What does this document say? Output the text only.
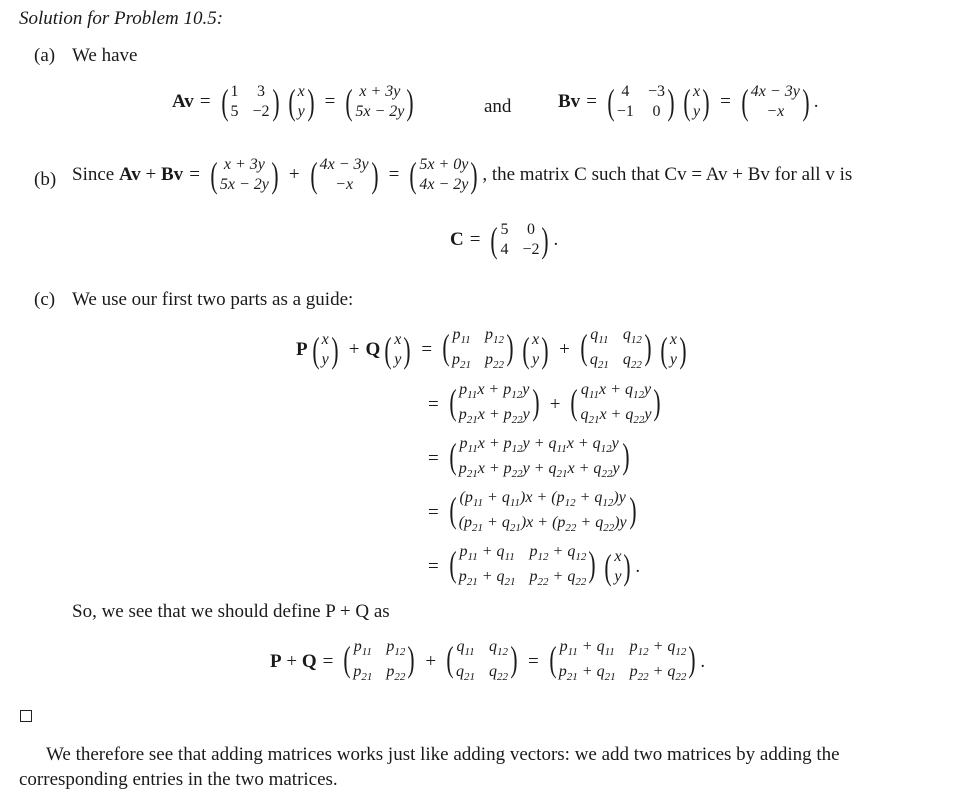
Solution for Problem 10.5:
(a) We have
Av = ( 1 3
5 −2 ) ( x
y ) = ( x + 3y
5x − 2y )	and Bv = ( 4 −3
−1 0 ) ( x
y ) = ( 4x − 3y
−x ) .
(b) Since
Av + Bv = ( x + 3y
5x − 2y ) + ( 4x − 3y
−x ) = ( 5x + 0y
4x − 2y ) , the matrix C such that Cv = Av + Bv for all v is
C = ( 5 0
4 −2 ) .
(c) We use our first two parts as a guide:
P ( x
y ) + Q ( x
y ) = ( $p_{11}$ $p_{12}$
$p_{21}$ $p_{22}$ ) ( x
y ) + ( $q_{11}$ $q_{12}$
$q_{21}$ $q_{22}$ ) ( x
y )
= ( $p_{11}x + p_{12}y$
$p_{21}x + p_{22}y$ ) + ( $q_{11}x + q_{12}y$
$q_{21}x + q_{22}y$ )
= ( $p_{11}x + p_{12}y + q_{11}x + q_{12}y$
$p_{21}x + p_{22}y + q_{21}x + q_{22}y$ )
= ( $(p_{11} + q_{11})x + (p_{12} + q_{12})y$
$(p_{21} + q_{21})x + (p_{22} + q_{22})y$ )
= ( $p_{11} + q_{11}$ $p_{12} + q_{12}$
$p_{21} + q_{21}$ $p_{22} + q_{22}$ ) ( x
y ) .
So, we see that we should define P + Q as
P + Q = ( $p_{11}$ $p_{12}$
$p_{21}$ $p_{22}$ ) + ( $q_{11}$ $q_{12}$
$q_{21}$ $q_{22}$ ) = ( $p_{11} + q_{11}$ $p_{12} + q_{12}$
$p_{21} + q_{21}$ $p_{22} + q_{22}$ ) .
We therefore see that adding matrices works just like adding vectors: we add two matrices by adding the corresponding entries in the two matrices.
